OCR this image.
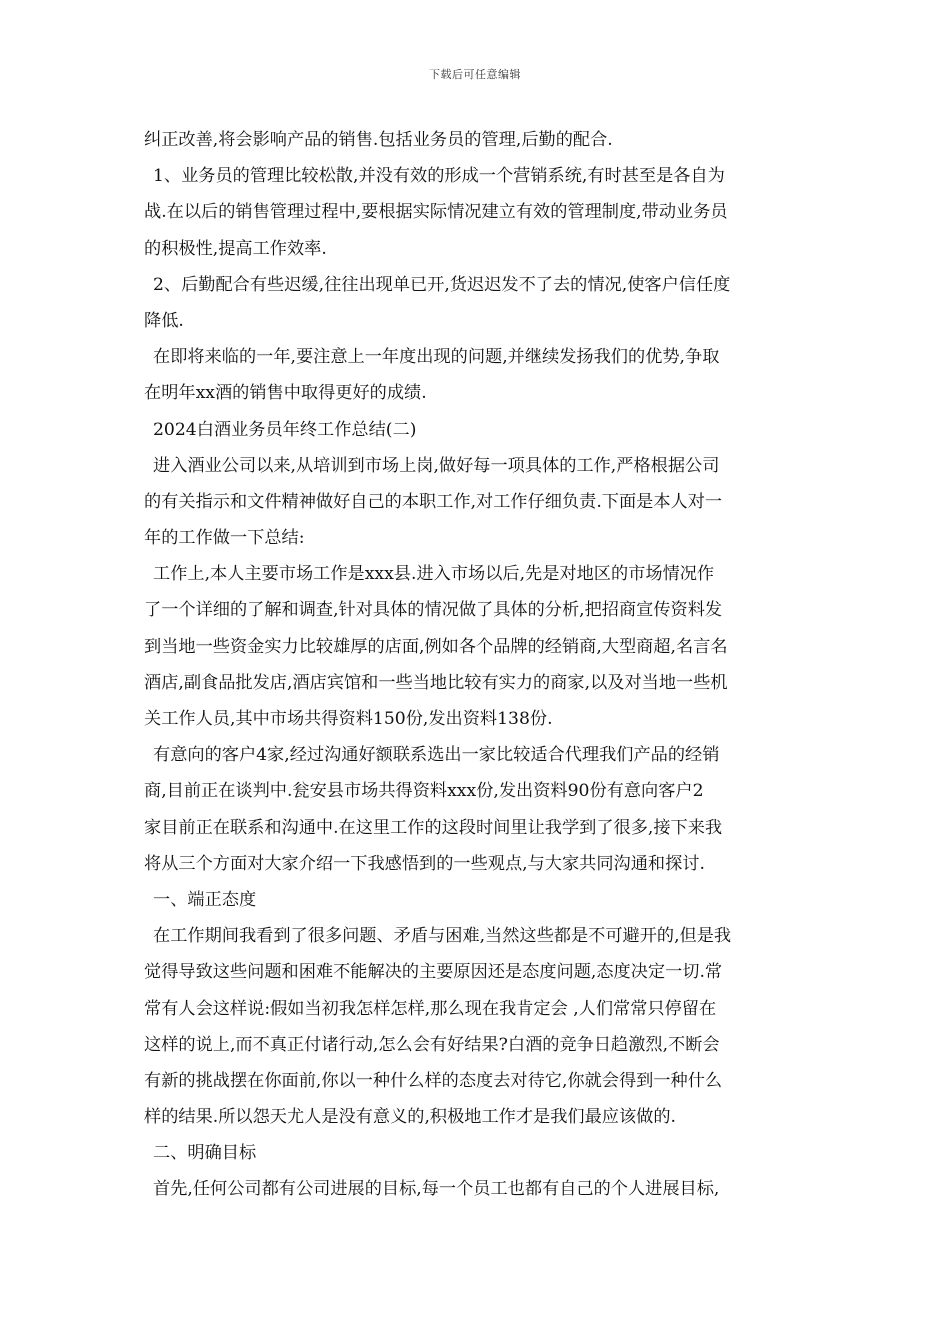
下载后可任意编辑
纠正改善,将会影响产品的销售.包括业务员的管理,后勤的配合.
1、业务员的管理比较松散,并没有效的形成一个营销系统,有时甚至是各自为
战.在以后的销售管理过程中,要根据实际情况建立有效的管理制度,带动业务员
的积极性,提高工作效率.
2、后勤配合有些迟缓,往往出现单已开,货迟迟发不了去的情况,使客户信任度
降低.
在即将来临的一年,要注意上一年度出现的问题,并继续发扬我们的优势,争取
在明年xx酒的销售中取得更好的成绩.
2024白酒业务员年终工作总结(二)
进入酒业公司以来,从培训到市场上岗,做好每一项具体的工作,严格根据公司
的有关指示和文件精神做好自己的本职工作,对工作仔细负责.下面是本人对一
年的工作做一下总结:
工作上,本人主要市场工作是xxx县.进入市场以后,先是对地区的市场情况作
了一个详细的了解和调查,针对具体的情况做了具体的分析,把招商宣传资料发
到当地一些资金实力比较雄厚的店面,例如各个品牌的经销商,大型商超,名言名
酒店,副食品批发店,酒店宾馆和一些当地比较有实力的商家,以及对当地一些机
关工作人员,其中市场共得资料150份,发出资料138份.
有意向的客户4家,经过沟通好额联系选出一家比较适合代理我们产品的经销
商,目前正在谈判中.瓮安县市场共得资料xxx份,发出资料90份有意向客户2
家目前正在联系和沟通中.在这里工作的这段时间里让我学到了很多,接下来我
将从三个方面对大家介绍一下我感悟到的一些观点,与大家共同沟通和探讨.
一、端正态度
在工作期间我看到了很多问题、矛盾与困难,当然这些都是不可避开的,但是我
觉得导致这些问题和困难不能解决的主要原因还是态度问题,态度决定一切.常
常有人会这样说:假如当初我怎样怎样,那么现在我肯定会 ,人们常常只停留在
这样的说上,而不真正付诸行动,怎么会有好结果?白酒的竞争日趋激烈,不断会
有新的挑战摆在你面前,你以一种什么样的态度去对待它,你就会得到一种什么
样的结果.所以怨天尤人是没有意义的,积极地工作才是我们最应该做的.
二、明确目标
首先,任何公司都有公司进展的目标,每一个员工也都有自己的个人进展目标,
